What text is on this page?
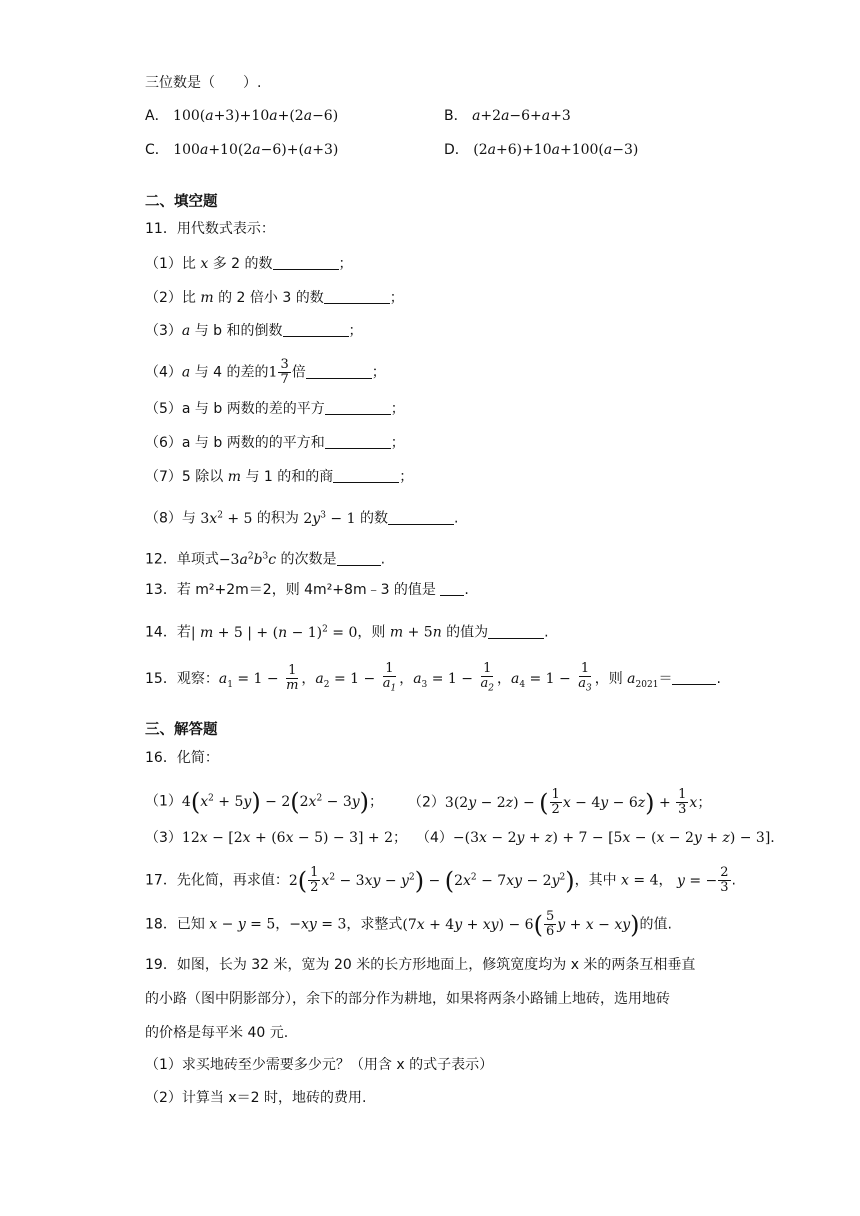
三位数是（　　）.
A． 100(a+3)+10a+(2a−6)	B． a+2a−6+a+3
C． 100a+10(2a−6)+(a+3)	D． (2a+6)+10a+100(a−3)
二、填空题
11．用代数式表示：
（1）比 x 多 2 的数	；
（2）比 m 的 2 倍小 3 的数	；
（3）a 与 b 和的倒数	；
（4）a 与 4 的差的$1 \frac{3}{7}$ 倍	；
（5）a 与 b 两数的差的平方	；
（6）a 与 b 两数的的平方和	；
（7）5 除以 m 与 1 的和的商	；
（8）与 $3x^2 + 5$ 的积为 $2y^3 - 1$ 的数	.
12．单项式$-3a^2b^3c$ 的次数是	.
13．若 m²+2m＝2，则 4m²+8m﹣3 的值是 .
14．若| m + 5 | + $(n - 1)^2 = 0$，则 m + 5n 的值为	.
15．观察：$a_1 = 1 - \frac{1}{m}$ ，$a_2 = 1 - \frac{1}{a_1}$ ，$a_3 = 1 - \frac{1}{a_2}$ ，$a_4 = 1 - \frac{1}{a_3}$ ，则 $a_{2021}=$	.
三、解答题
16．化简：
$(1)4(x^2 + 5y) - 2(2x^2 - 3y)$； （2）3(2y − 2z) − ( $\frac{1}{2}$ $x - 4y - 6z) + \frac{1}{3}$ x；
（3）12x − [2x + (6x − 5) − 3] + 2； （4）−(3x − 2y + z) + 7 − [5x − (x − 2y + z) − 3].
17．先化简，再求值：$2( \frac{1}{2} x^2 - 3xy - y^2) - (2x^2 - 7xy - 2y^2)$，其中 x = 4， y = − $\frac{2}{3}$ .
18．已知 x − y = 5，−xy = 3，求整式$(7x + 4y + xy) - 6( \frac{5}{6}$ y + x − xy)的值.
19．如图，长为 32 米，宽为 20 米的长方形地面上，修筑宽度均为 x 米的两条互相垂直
的小路（图中阴影部分），余下的部分作为耕地，如果将两条小路铺上地砖，选用地砖
的价格是每平米 40 元.
（1）求买地砖至少需要多少元？（用含 x 的式子表示）
（2）计算当 x＝2 时，地砖的费用.
